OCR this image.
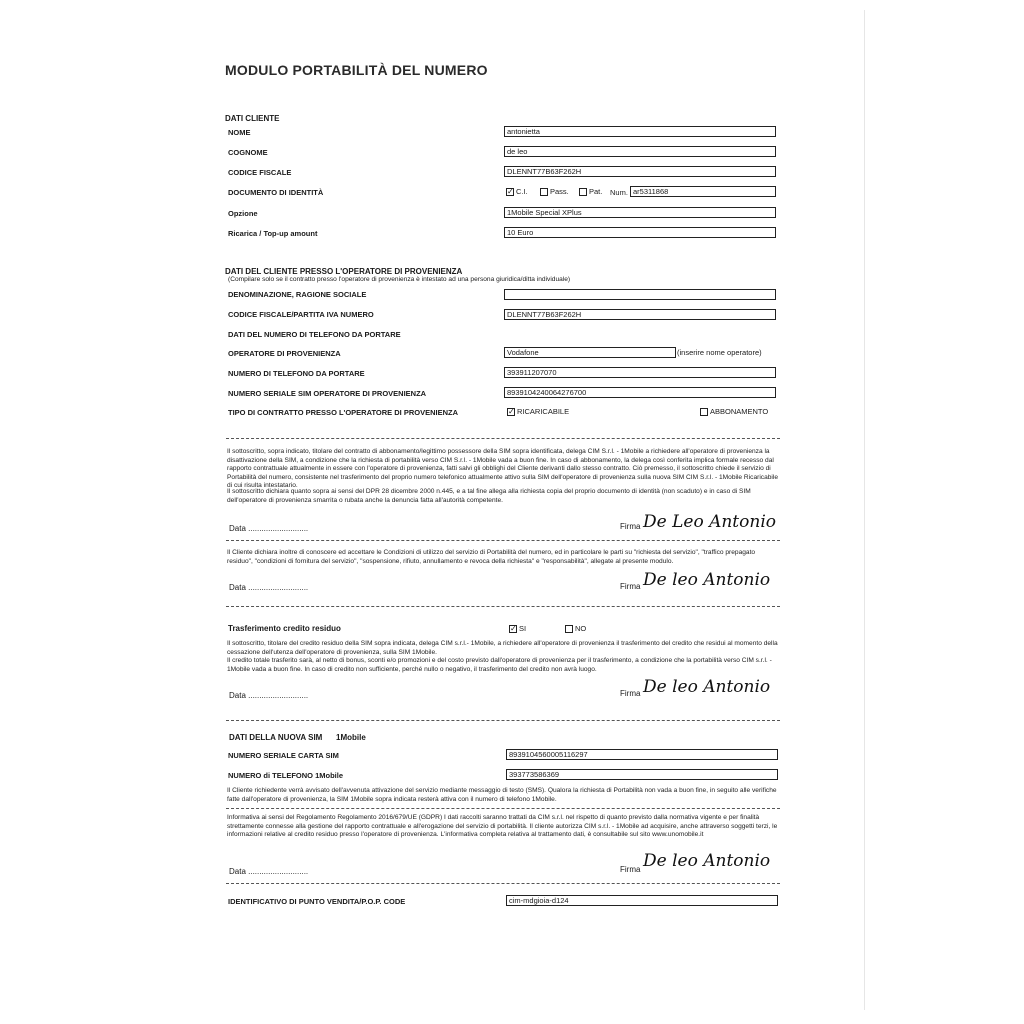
MODULO PORTABILITÀ DEL NUMERO
DATI CLIENTE
NOME	antonietta
COGNOME	de leo
CODICE FISCALE	DLENNT77B63F262H
DOCUMENTO DI IDENTITÀ	✓ C.I.	Pass.	Pat. Num. ar5311868
Opzione	1Mobile Special XPlus
Ricarica / Top-up amount	10 Euro
DATI DEL CLIENTE PRESSO L'OPERATORE DI PROVENIENZA
(Compilare solo se il contratto presso l'operatore di provenienza è intestato ad una persona giuridica/ditta individuale)
DENOMINAZIONE, RAGIONE SOCIALE
CODICE FISCALE/PARTITA IVA NUMERO	DLENNT77B63F262H
DATI DEL NUMERO DI TELEFONO DA PORTARE
OPERATORE DI PROVENIENZA	Vodafone	(inserire nome operatore)
NUMERO DI TELEFONO DA PORTARE	393911207070
NUMERO SERIALE SIM OPERATORE DI PROVENIENZA	8939104240064276700
TIPO DI CONTRATTO PRESSO L'OPERATORE DI PROVENIENZA	✓ RICARICABILE	ABBONAMENTO
Il sottoscritto, sopra indicato, titolare del contratto di abbonamento/legittimo possessore della SIM sopra identificata, delega CIM S.r.l. - 1Mobile a richiedere all'operatore di provenienza la disattivazione della SIM, a condizione che la richiesta di portabilità verso CIM S.r.l. - 1Mobile vada a buon fine. In caso di abbonamento, la delega così conferita implica formale recesso dal rapporto contrattuale attualmente in essere con l'operatore di provenienza, fatti salvi gli obblighi del Cliente derivanti dallo stesso contratto. Ciò premesso, il sottoscritto chiede il servizio di Portabilità del numero, consistente nel trasferimento del proprio numero telefonico attualmente attivo sulla SIM dell'operatore di provenienza sulla nuova SIM CIM S.r.l. - 1Mobile Ricaricabile di cui risulta intestatario.
Il sottoscritto dichiara quanto sopra ai sensi del DPR 28 dicembre 2000 n.445, e a tal fine allega alla richiesta copia del proprio documento di identità (non scaduto) e in caso di SIM dell'operatore di provenienza smarrita o rubata anche la denuncia fatta all'autorità competente.
Data ...........................	Firma De Leo Antonio
Il Cliente dichiara inoltre di conoscere ed accettare le Condizioni di utilizzo del servizio di Portabilità del numero, ed in particolare le parti su "richiesta del servizio", "traffico prepagato residuo", "condizioni di fornitura del servizio", "sospensione, rifiuto, annullamento e revoca della richiesta" e "responsabilità", allegate al presente modulo.
Data ...........................	Firma De leo Antonio
Trasferimento credito residuo	✓ SI	NO
Il sottoscritto, titolare del credito residuo della SIM sopra indicata, delega CIM s.r.l.- 1Mobile, a richiedere all'operatore di provenienza il trasferimento del credito che residui al momento della cessazione dell'utenza dell'operatore di provenienza, sulla SIM 1Mobile.
Il credito totale trasferito sarà, al netto di bonus, sconti e/o promozioni e del costo previsto dall'operatore di provenienza per il trasferimento, a condizione che la portabilità verso CIM s.r.l. - 1Mobile vada a buon fine. In caso di credito non sufficiente, perché nullo o negativo, il trasferimento del credito non avrà luogo.
Data ...........................	Firma De leo Antonio
DATI DELLA NUOVA SIM 1Mobile
NUMERO SERIALE CARTA SIM	8939104560005116297
NUMERO di TELEFONO 1Mobile	393773586369
Il Cliente richiedente verrà avvisato dell'avvenuta attivazione del servizio mediante messaggio di testo (SMS). Qualora la richiesta di Portabilità non vada a buon fine, in seguito alle verifiche fatte dall'operatore di provenienza, la SIM 1Mobile sopra indicata resterà attiva con il numero di telefono 1Mobile.
Informativa ai sensi del Regolamento Regolamento 2016/679/UE (GDPR) I dati raccolti saranno trattati da CIM s.r.l. nel rispetto di quanto previsto dalla normativa vigente e per finalità strettamente connesse alla gestione del rapporto contrattuale e all'erogazione del servizio di portabilità. Il cliente autorizza CIM s.r.l. - 1Mobile ad acquisire, anche attraverso soggetti terzi, le informazioni relative al credito residuo presso l'operatore di provenienza. L'informativa completa relativa al trattamento dati, è consultabile sul sito www.unomobile.it
Data ...........................	Firma De leo Antonio
IDENTIFICATIVO DI PUNTO VENDITA/P.O.P. CODE	cim-mdgioia-d124
